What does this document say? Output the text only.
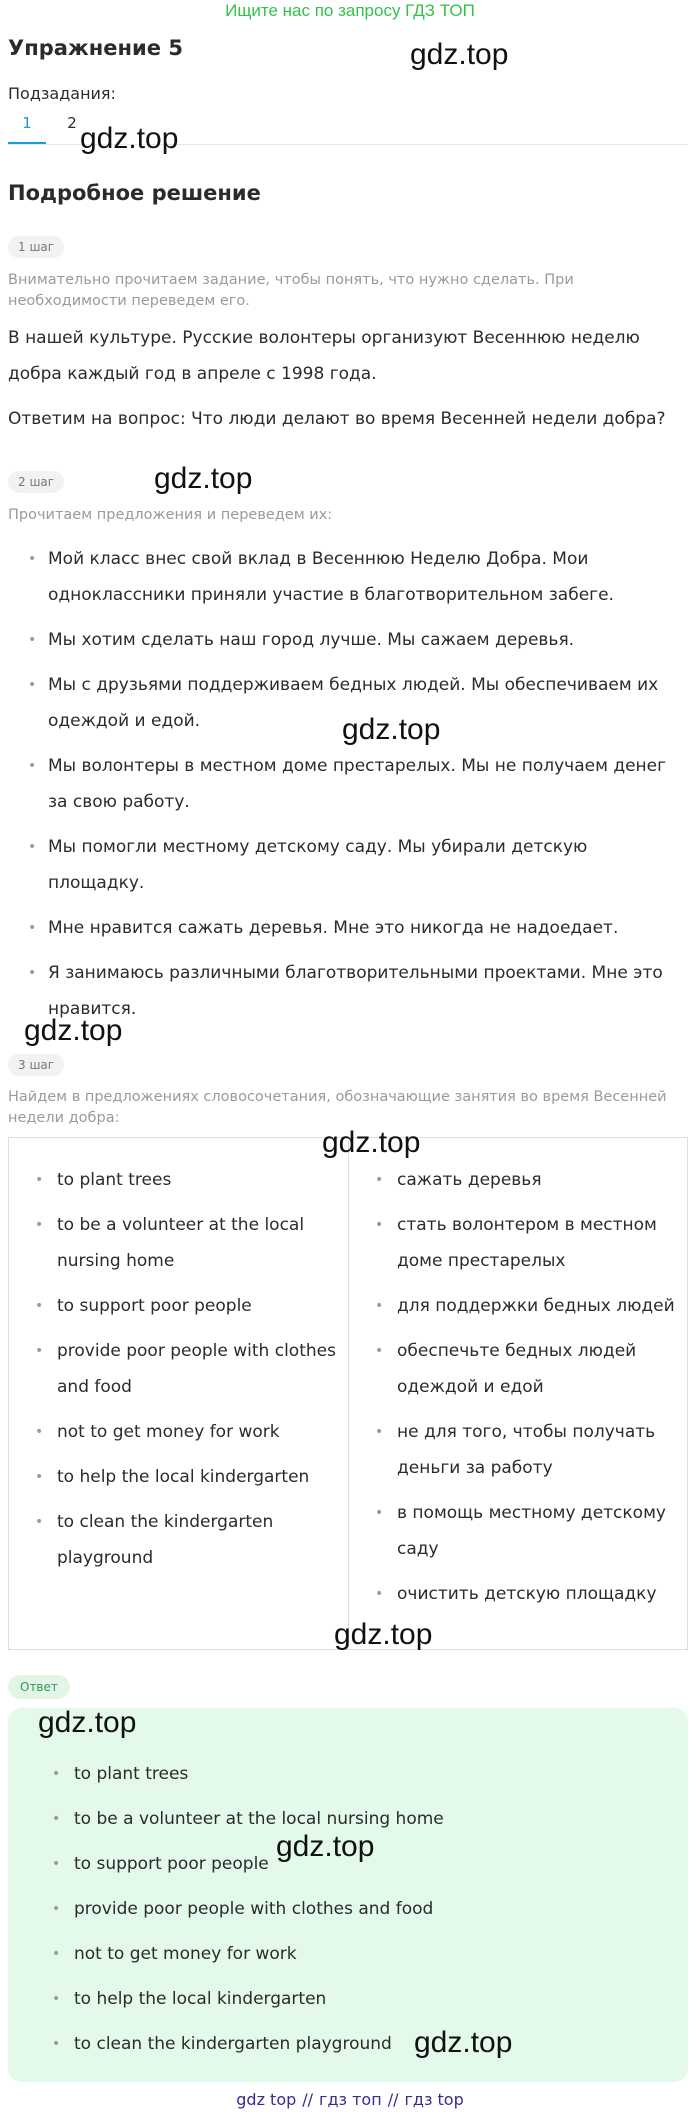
Ищите нас по запросу ГДЗ ТОП
Упражнение 5
Подзадания:
1	2
Подробное решение
1 шаг
Внимательно прочитаем задание, чтобы понять, что нужно сделать. При необходимости переведем его.
В нашей культуре. Русские волонтеры организуют Весеннюю неделю добра каждый год в апреле с 1998 года.
Ответим на вопрос: Что люди делают во время Весенней недели добра?
2 шаг
Прочитаем предложения и переведем их:
• Мой класс внес свой вклад в Весеннюю Неделю Добра. Мои одноклассники приняли участие в благотворительном забеге.
• Мы хотим сделать наш город лучше. Мы сажаем деревья.
• Мы с друзьями поддерживаем бедных людей. Мы обеспечиваем их одеждой и едой.
• Мы волонтеры в местном доме престарелых. Мы не получаем денег за свою работу.
• Мы помогли местному детскому саду. Мы убирали детскую площадку.
• Мне нравится сажать деревья. Мне это никогда не надоедает.
• Я занимаюсь различными благотворительными проектами. Мне это нравится.
3 шаг
Найдем в предложениях словосочетания, обозначающие занятия во время Весенней недели добра:
• to plant trees
• to be a volunteer at the local nursing home
• to support poor people
• provide poor people with clothes and food
• not to get money for work
• to help the local kindergarten
• to clean the kindergarten playground
• сажать деревья
• стать волонтером в местном доме престарелых
• для поддержки бедных людей
• обеспечьте бедных людей одеждой и едой
• не для того, чтобы получать деньги за работу
• в помощь местному детскому саду
• очистить детскую площадку
Ответ
• to plant trees
• to be a volunteer at the local nursing home
• to support poor people
• provide poor people with clothes and food
• not to get money for work
• to help the local kindergarten
• to clean the kindergarten playground
gdz.top
gdz.top
gdz.top
gdz.top
gdz.top
gdz.top
gdz.top
gdz.top
gdz.top
gdz.top
gdz top // гдз топ // гдз top
